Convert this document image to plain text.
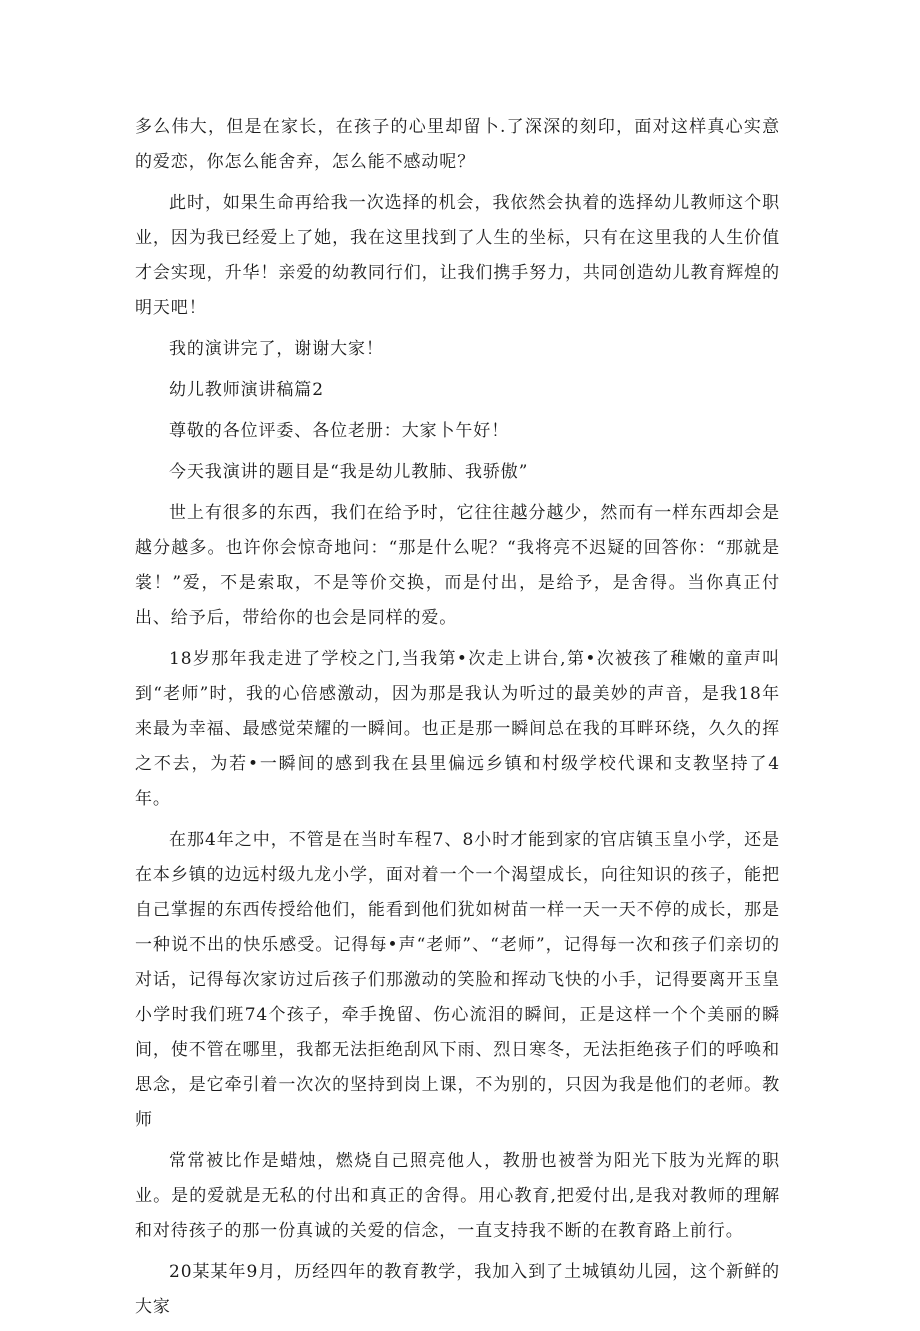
多么伟大，但是在家长，在孩子的心里却留卜.了深深的刻印，面对这样真心实意的爱恋，你怎么能舍弃，怎么能不感动呢？

此时，如果生命再给我一次选择的机会，我依然会执着的选择幼儿教师这个职业，因为我已经爱上了她，我在这里找到了人生的坐标，只有在这里我的人生价值才会实现，升华！亲爱的幼教同行们，让我们携手努力，共同创造幼儿教育辉煌的明天吧！

我的演讲完了，谢谢大家！

幼儿教师演讲稿篇2

尊敬的各位评委、各位老册：大家卜午好！

今天我演讲的题目是“我是幼儿教肺、我骄傲”

世上有很多的东西，我们在给予时，它往往越分越少，然而有一样东西却会是越分越多。也许你会惊奇地问：“那是什么呢？“我将亮不迟疑的回答你：“那就是裳！”爱，不是索取，不是等价交换，而是付出，是给予，是舍得。当你真正付出、给予后，带给你的也会是同样的爱。

18岁那年我走进了学校之门,当我第•次走上讲台,第•次被孩了稚嫩的童声叫到“老师”时，我的心倍感激动，因为那是我认为听过的最美妙的声音，是我18年来最为幸福、最感觉荣耀的一瞬间。也正是那一瞬间总在我的耳畔环绕，久久的挥之不去，为若•一瞬间的感到我在县里偏远乡镇和村级学校代课和支教坚持了4年。

在那4年之中，不管是在当时车程7、8小时才能到家的官店镇玉皇小学，还是在本乡镇的边远村级九龙小学，面对着一个一个渴望成长，向往知识的孩子，能把自己掌握的东西传授给他们，能看到他们犹如树苗一样一天一天不停的成长，那是一种说不出的快乐感受。记得每•声“老师”、“老师”，记得每一次和孩子们亲切的对话，记得每次家访过后孩子们那激动的笑脸和挥动飞快的小手，记得要离开玉皇小学时我们班74个孩子，牵手挽留、伤心流泪的瞬间，正是这样一个个美丽的瞬间，使不管在哪里，我都无法拒绝刮风下雨、烈日寒冬，无法拒绝孩子们的呼唤和思念，是它牵引着一次次的坚持到岗上课，不为别的，只因为我是他们的老师。教师

常常被比作是蜡烛，燃烧自己照亮他人，教册也被誉为阳光下肢为光辉的职业。是的爱就是无私的付出和真正的舍得。用心教育,把爱付出,是我对教师的理解和对待孩子的那一份真诚的关爱的信念，一直支持我不断的在教育路上前行。

20某某年9月，历经四年的教育教学，我加入到了土城镇幼儿园，这个新鲜的大家
